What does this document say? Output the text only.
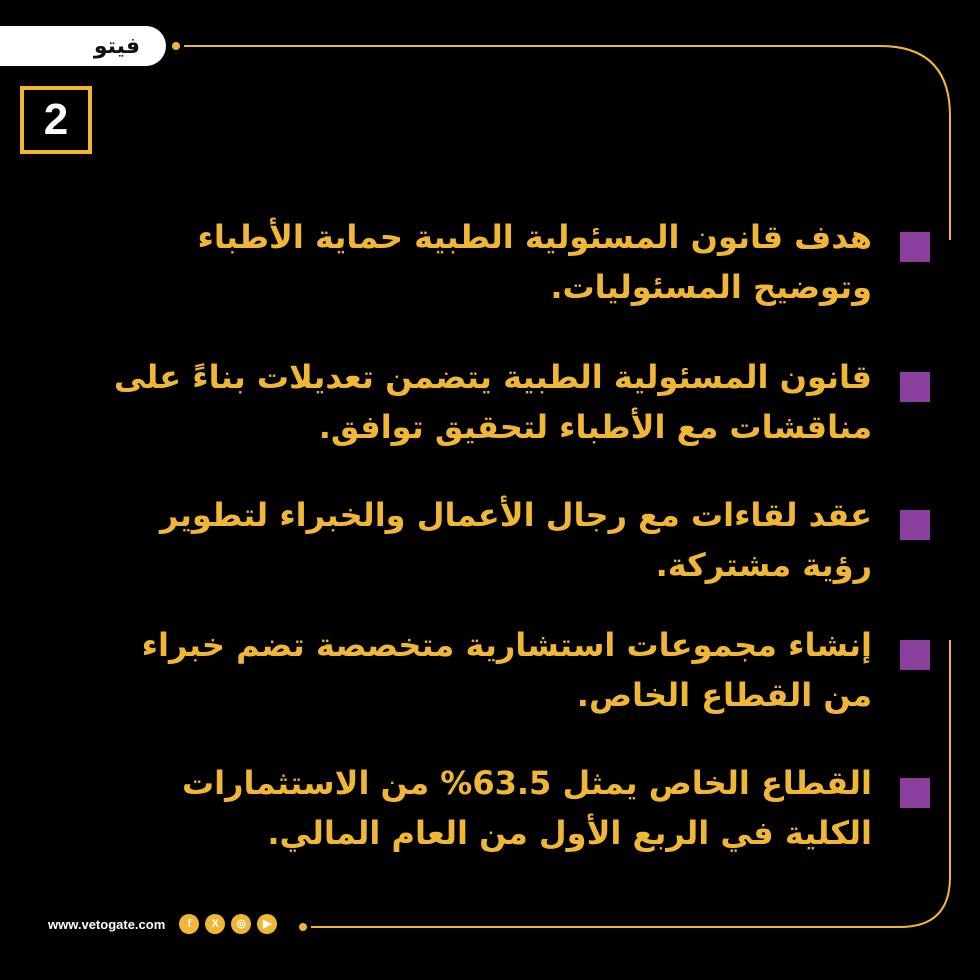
فيتو
2
هدف قانون المسئولية الطبية حماية الأطباء وتوضيح المسئوليات.
قانون المسئولية الطبية يتضمن تعديلات بناءً على مناقشات مع الأطباء لتحقيق توافق.
عقد لقاءات مع رجال الأعمال والخبراء لتطوير رؤية مشتركة.
إنشاء مجموعات استشارية متخصصة تضم خبراء من القطاع الخاص.
القطاع الخاص يمثل 63.5% من الاستثمارات الكلية في الربع الأول من العام المالي.
www.vetogate.com	f	X	◎	▶
